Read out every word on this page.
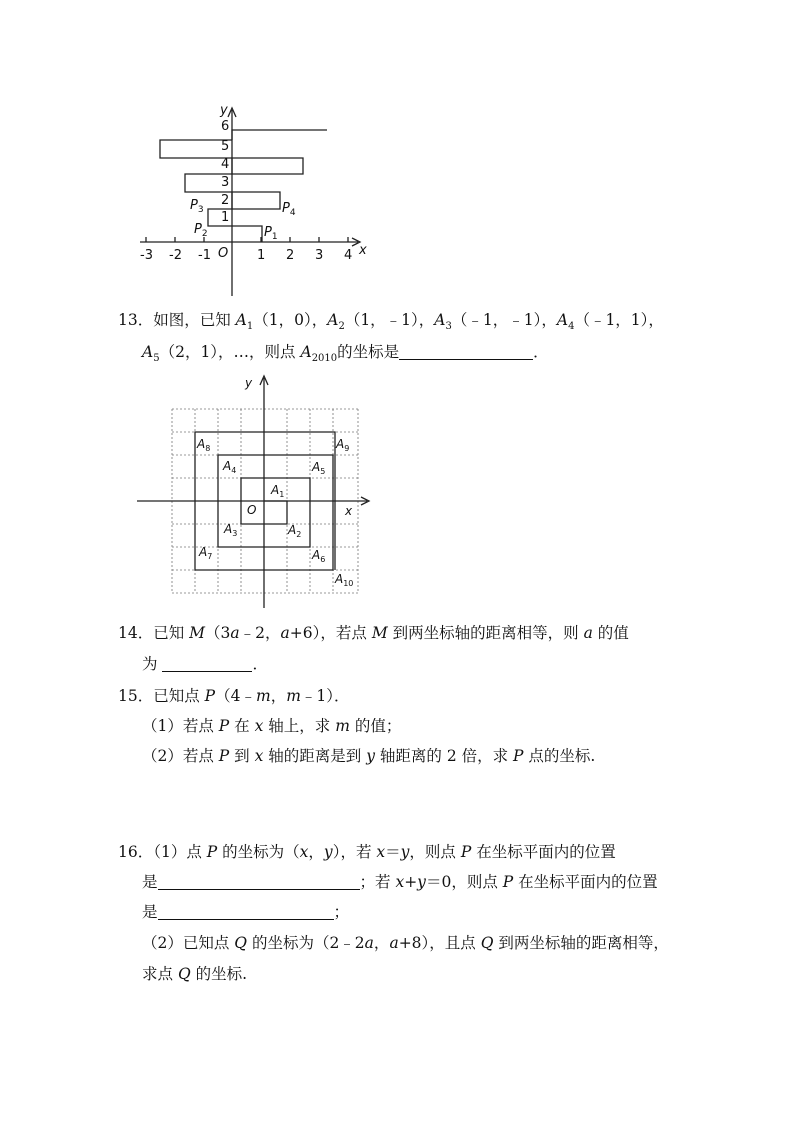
x
y
O
-3 -2 -1	1 2 3 4
1
2
3
4
5
6
$P_1$
$P_2$
$P_3$	$P_4$
13．如图，已知 $A_1(1$，0），$A_2(1$，﹣1），$A_3(﹣1$，﹣1），$A_4(﹣1$，1），
$A_5(2$，1），…，则点 $A_{2010}$的坐标是	．
x
y
O
$A_1$
$A_2$
$A_3$
$A_4$	$A_5$
$A_6$
$A_7$
$A_8$	$A_9$
$A_{10}$
14．已知 M（3a﹣2，a+6），若点 M 到两坐标轴的距离相等，则 a 的值
为	．
15．已知点 P（4﹣m，m﹣1）．
（1）若点 P 在 x 轴上，求 m 的值；
（2）若点 P 到 x 轴的距离是到 y 轴距离的 2 倍，求 P 点的坐标.
16．（1）点 P 的坐标为（x，y），若 x＝y，则点 P 在坐标平面内的位置
是	；若 x+y＝0，则点 P 在坐标平面内的位置
是	；
（2）已知点 Q 的坐标为（2﹣2a，a+8），且点 Q 到两坐标轴的距离相等，
求点 Q 的坐标.
